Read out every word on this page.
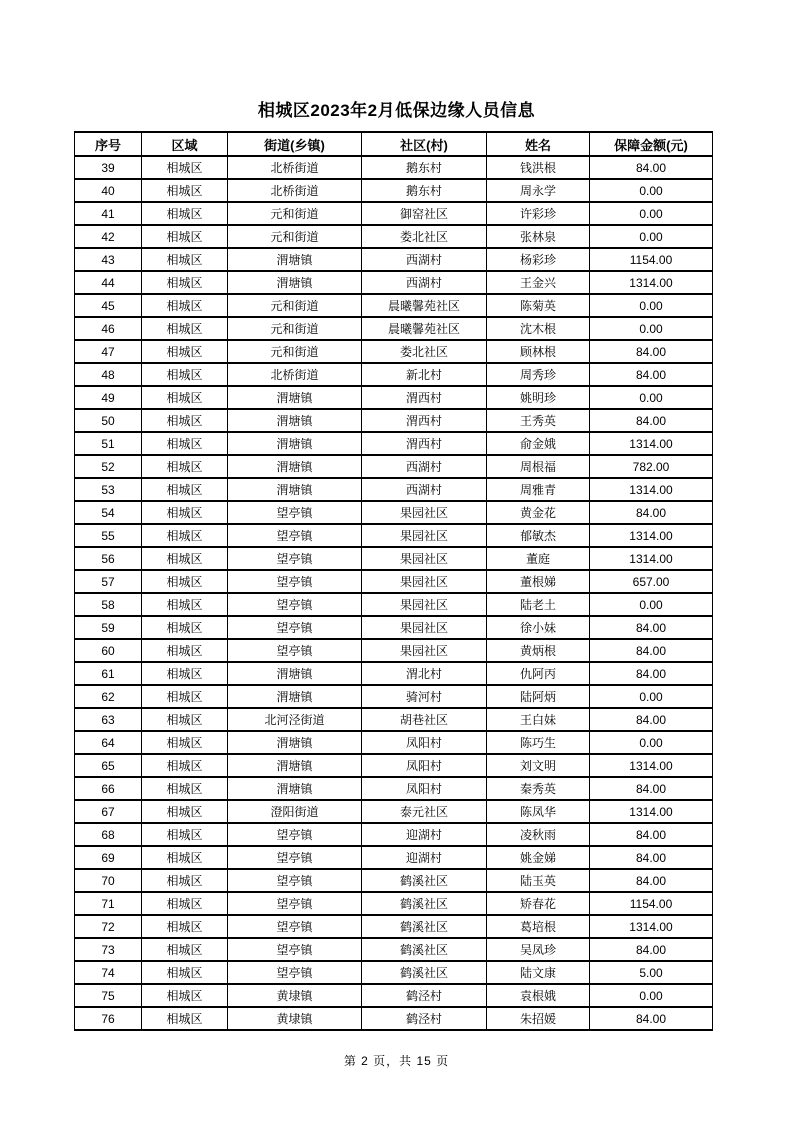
相城区2023年2月低保边缘人员信息
序号	区域	街道(乡镇)	社区(村)	姓名	保障金额(元)
39	相城区	北桥街道	鹅东村	钱洪根	84.00
40	相城区	北桥街道	鹅东村	周永学	0.00
41	相城区	元和街道	御窑社区	许彩珍	0.00
42	相城区	元和街道	娄北社区	张林泉	0.00
43	相城区	渭塘镇	西湖村	杨彩珍	1154.00
44	相城区	渭塘镇	西湖村	王金兴	1314.00
45	相城区	元和街道	晨曦馨苑社区	陈菊英	0.00
46	相城区	元和街道	晨曦馨苑社区	沈木根	0.00
47	相城区	元和街道	娄北社区	顾林根	84.00
48	相城区	北桥街道	新北村	周秀珍	84.00
49	相城区	渭塘镇	渭西村	姚明珍	0.00
50	相城区	渭塘镇	渭西村	王秀英	84.00
51	相城区	渭塘镇	渭西村	俞金娥	1314.00
52	相城区	渭塘镇	西湖村	周根福	782.00
53	相城区	渭塘镇	西湖村	周雅青	1314.00
54	相城区	望亭镇	果园社区	黄金花	84.00
55	相城区	望亭镇	果园社区	郁敏杰	1314.00
56	相城区	望亭镇	果园社区	董庭	1314.00
57	相城区	望亭镇	果园社区	董根娣	657.00
58	相城区	望亭镇	果园社区	陆老土	0.00
59	相城区	望亭镇	果园社区	徐小妹	84.00
60	相城区	望亭镇	果园社区	黄炳根	84.00
61	相城区	渭塘镇	渭北村	仇阿丙	84.00
62	相城区	渭塘镇	骑河村	陆阿炳	0.00
63	相城区	北河泾街道	胡巷社区	王白妹	84.00
64	相城区	渭塘镇	凤阳村	陈巧生	0.00
65	相城区	渭塘镇	凤阳村	刘文明	1314.00
66	相城区	渭塘镇	凤阳村	秦秀英	84.00
67	相城区	澄阳街道	泰元社区	陈凤华	1314.00
68	相城区	望亭镇	迎湖村	凌秋雨	84.00
69	相城区	望亭镇	迎湖村	姚金娣	84.00
70	相城区	望亭镇	鹤溪社区	陆玉英	84.00
71	相城区	望亭镇	鹤溪社区	矫春花	1154.00
72	相城区	望亭镇	鹤溪社区	葛培根	1314.00
73	相城区	望亭镇	鹤溪社区	吴凤珍	84.00
74	相城区	望亭镇	鹤溪社区	陆文康	5.00
75	相城区	黄埭镇	鹤泾村	袁根娥	0.00
76	相城区	黄埭镇	鹤泾村	朱招媛	84.00
第 2 页，共 15 页
